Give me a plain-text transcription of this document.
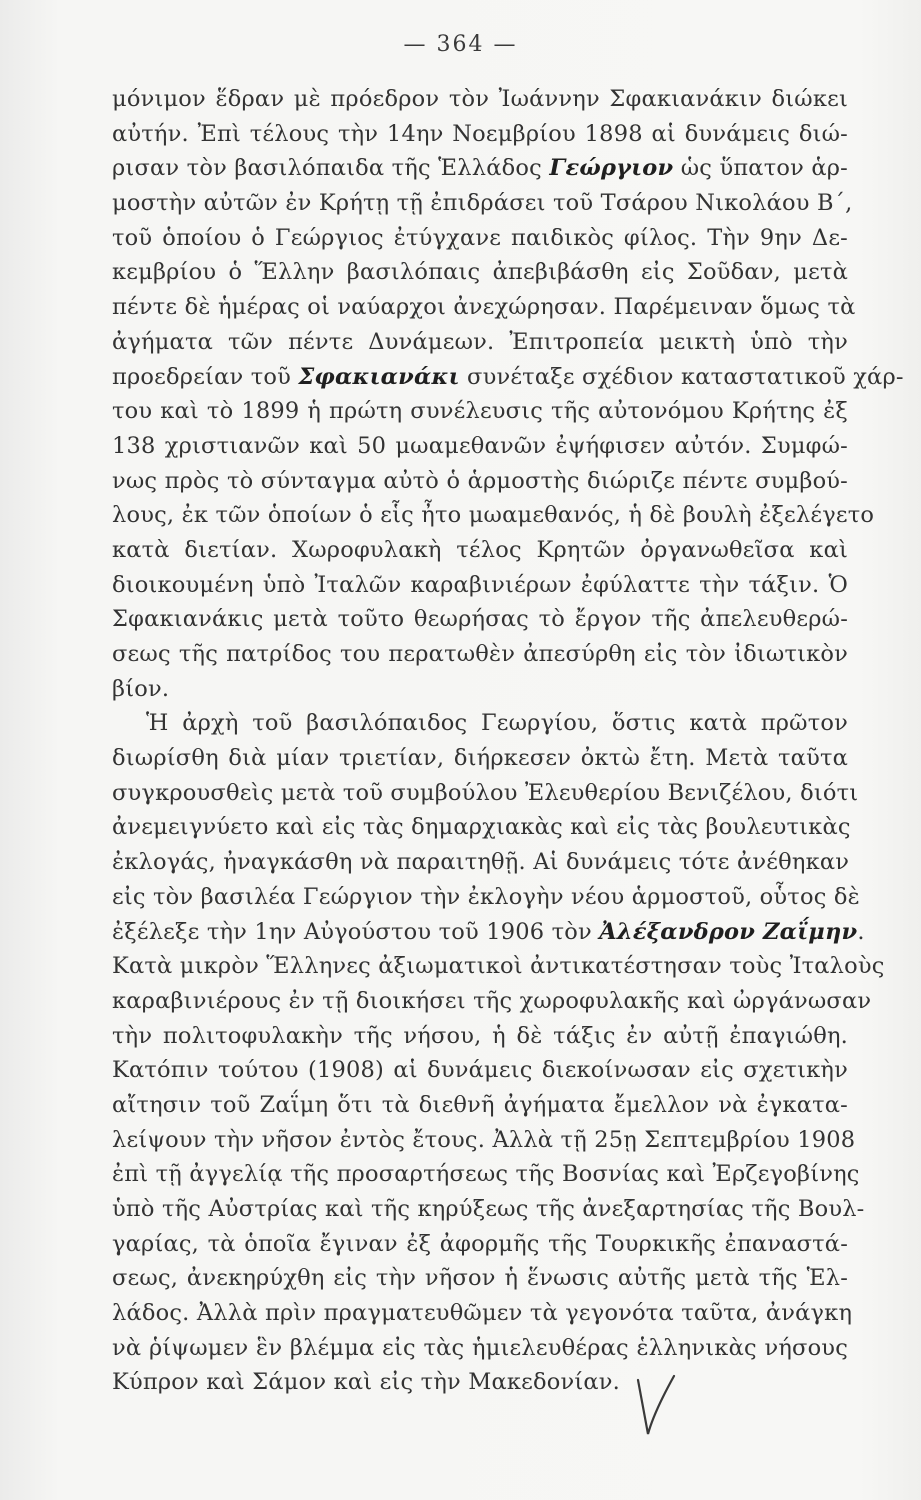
— 364 —
μόνιμον ἕδραν μὲ πρόεδρον τὸν Ἰωάννην Σφακιανάκιν διώκει
αὐτήν. Ἐπὶ τέλους τὴν 14ην Νοεμβρίου 1898 αἱ δυνάμεις διώ-
ρισαν τὸν βασιλόπαιδα τῆς Ἑλλάδος Γεώργιον ὡς ὕπατον ἁρ-
μοστὴν αὐτῶν ἐν Κρήτῃ τῇ ἐπιδράσει τοῦ Τσάρου Νικολάου Β΄,
τοῦ ὁποίου ὁ Γεώργιος ἐτύγχανε παιδικὸς φίλος. Τὴν 9ην Δε-
κεμβρίου ὁ Ἕλλην βασιλόπαις ἀπεβιβάσθη εἰς Σοῦδαν, μετὰ
πέντε δὲ ἡμέρας οἱ ναύαρχοι ἀνεχώρησαν. Παρέμειναν ὅμως τὰ
ἀγήματα τῶν πέντε Δυνάμεων. Ἐπιτροπεία μεικτὴ ὑπὸ τὴν
προεδρείαν τοῦ Σφακιανάκι συνέταξε σχέδιον καταστατικοῦ χάρ-
του καὶ τὸ 1899 ἡ πρώτη συνέλευσις τῆς αὐτονόμου Κρήτης ἐξ
138 χριστιανῶν καὶ 50 μωαμεθανῶν ἐψήφισεν αὐτόν. Συμφώ-
νως πρὸς τὸ σύνταγμα αὐτὸ ὁ ἁρμοστὴς διώριζε πέντε συμβού-
λους, ἐκ τῶν ὁποίων ὁ εἷς ἦτο μωαμεθανός, ἡ δὲ βουλὴ ἐξελέγετο
κατὰ διετίαν. Χωροφυλακὴ τέλος Κρητῶν ὀργανωθεῖσα καὶ
διοικουμένη ὑπὸ Ἰταλῶν καραβινιέρων ἐφύλαττε τὴν τάξιν. Ὁ
Σφακιανάκις μετὰ τοῦτο θεωρήσας τὸ ἔργον τῆς ἀπελευθερώ-
σεως τῆς πατρίδος του περατωθὲν ἀπεσύρθη εἰς τὸν ἰδιωτικὸν
βίον.
Ἡ ἀρχὴ τοῦ βασιλόπαιδος Γεωργίου, ὅστις κατὰ πρῶτον
διωρίσθη διὰ μίαν τριετίαν, διήρκεσεν ὀκτὼ ἔτη. Μετὰ ταῦτα
συγκρουσθεὶς μετὰ τοῦ συμβούλου Ἐλευθερίου Βενιζέλου, διότι
ἀνεμειγνύετο καὶ εἰς τὰς δημαρχιακὰς καὶ εἰς τὰς βουλευτικὰς
ἐκλογάς, ἠναγκάσθη νὰ παραιτηθῇ. Αἱ δυνάμεις τότε ἀνέθηκαν
εἰς τὸν βασιλέα Γεώργιον τὴν ἐκλογὴν νέου ἁρμοστοῦ, οὗτος δὲ
ἐξέλεξε τὴν 1ην Αὐγούστου τοῦ 1906 τὸν Ἀλέξανδρον Ζαΐμην.
Κατὰ μικρὸν Ἕλληνες ἀξιωματικοὶ ἀντικατέστησαν τοὺς Ἰταλοὺς
καραβινιέρους ἐν τῇ διοικήσει τῆς χωροφυλακῆς καὶ ὠργάνωσαν
τὴν πολιτοφυλακὴν τῆς νήσου, ἡ δὲ τάξις ἐν αὐτῇ ἐπαγιώθη.
Κατόπιν τούτου (1908) αἱ δυνάμεις διεκοίνωσαν εἰς σχετικὴν
αἴτησιν τοῦ Ζαΐμη ὅτι τὰ διεθνῆ ἀγήματα ἔμελλον νὰ ἐγκατα-
λείψουν τὴν νῆσον ἐντὸς ἔτους. Ἀλλὰ τῇ 25ῃ Σεπτεμβρίου 1908
ἐπὶ τῇ ἀγγελίᾳ τῆς προσαρτήσεως τῆς Βοσνίας καὶ Ἐρζεγοβίνης
ὑπὸ τῆς Αὐστρίας καὶ τῆς κηρύξεως τῆς ἀνεξαρτησίας τῆς Βουλ-
γαρίας, τὰ ὁποῖα ἔγιναν ἐξ ἀφορμῆς τῆς Τουρκικῆς ἐπαναστά-
σεως, ἀνεκηρύχθη εἰς τὴν νῆσον ἡ ἕνωσις αὐτῆς μετὰ τῆς Ἑλ-
λάδος. Ἀλλὰ πρὶν πραγματευθῶμεν τὰ γεγονότα ταῦτα, ἀνάγκη
νὰ ῥίψωμεν ἓν βλέμμα εἰς τὰς ἡμιελευθέρας ἑλληνικὰς νήσους
Κύπρον καὶ Σάμον καὶ εἰς τὴν Μακεδονίαν.
